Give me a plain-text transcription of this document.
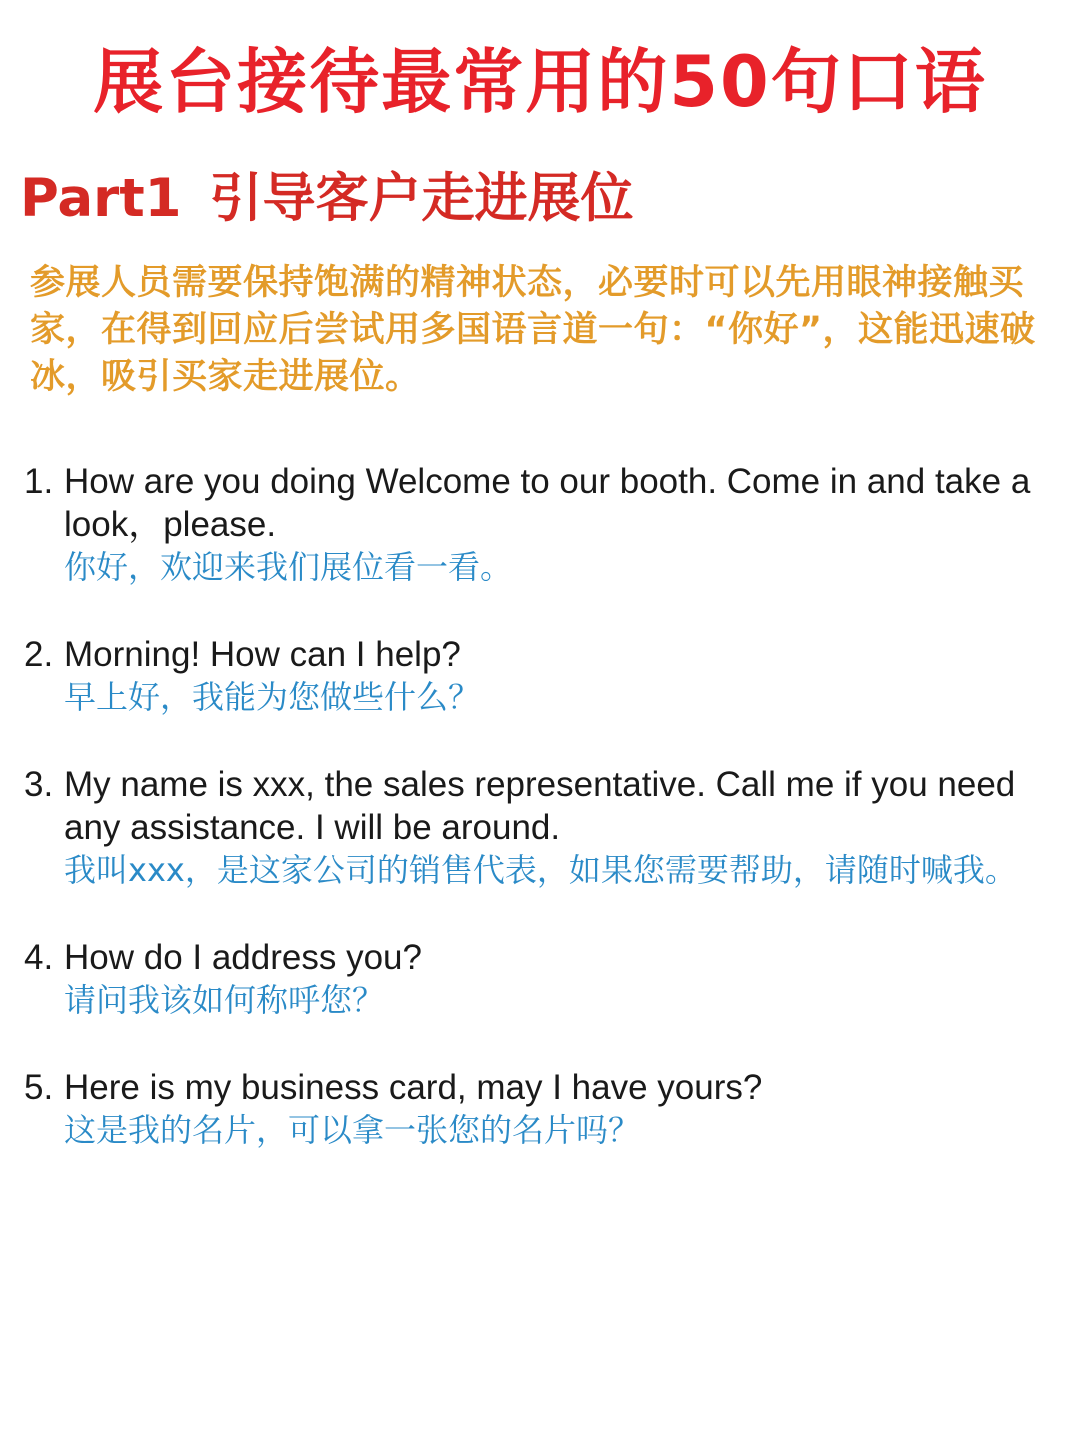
展台接待最常用的50句口语
Part1 引导客户走进展位

参展人员需要保持饱满的精神状态，必要时可以先用眼神接触买家，在得到回应后尝试用多国语言道一句：“你好”，这能迅速破冰，吸引买家走进展位。

1. How are you doing Welcome to our booth. Come in and take a look，please.
你好，欢迎来我们展位看一看。
2. Morning! How can I help?
早上好，我能为您做些什么？
3. My name is xxx, the sales representative. Call me if you need any assistance. I will be around.
我叫xxx，是这家公司的销售代表，如果您需要帮助，请随时喊我。
4. How do I address you?
请问我该如何称呼您？
5. Here is my business card, may I have yours?
这是我的名片，可以拿一张您的名片吗？
